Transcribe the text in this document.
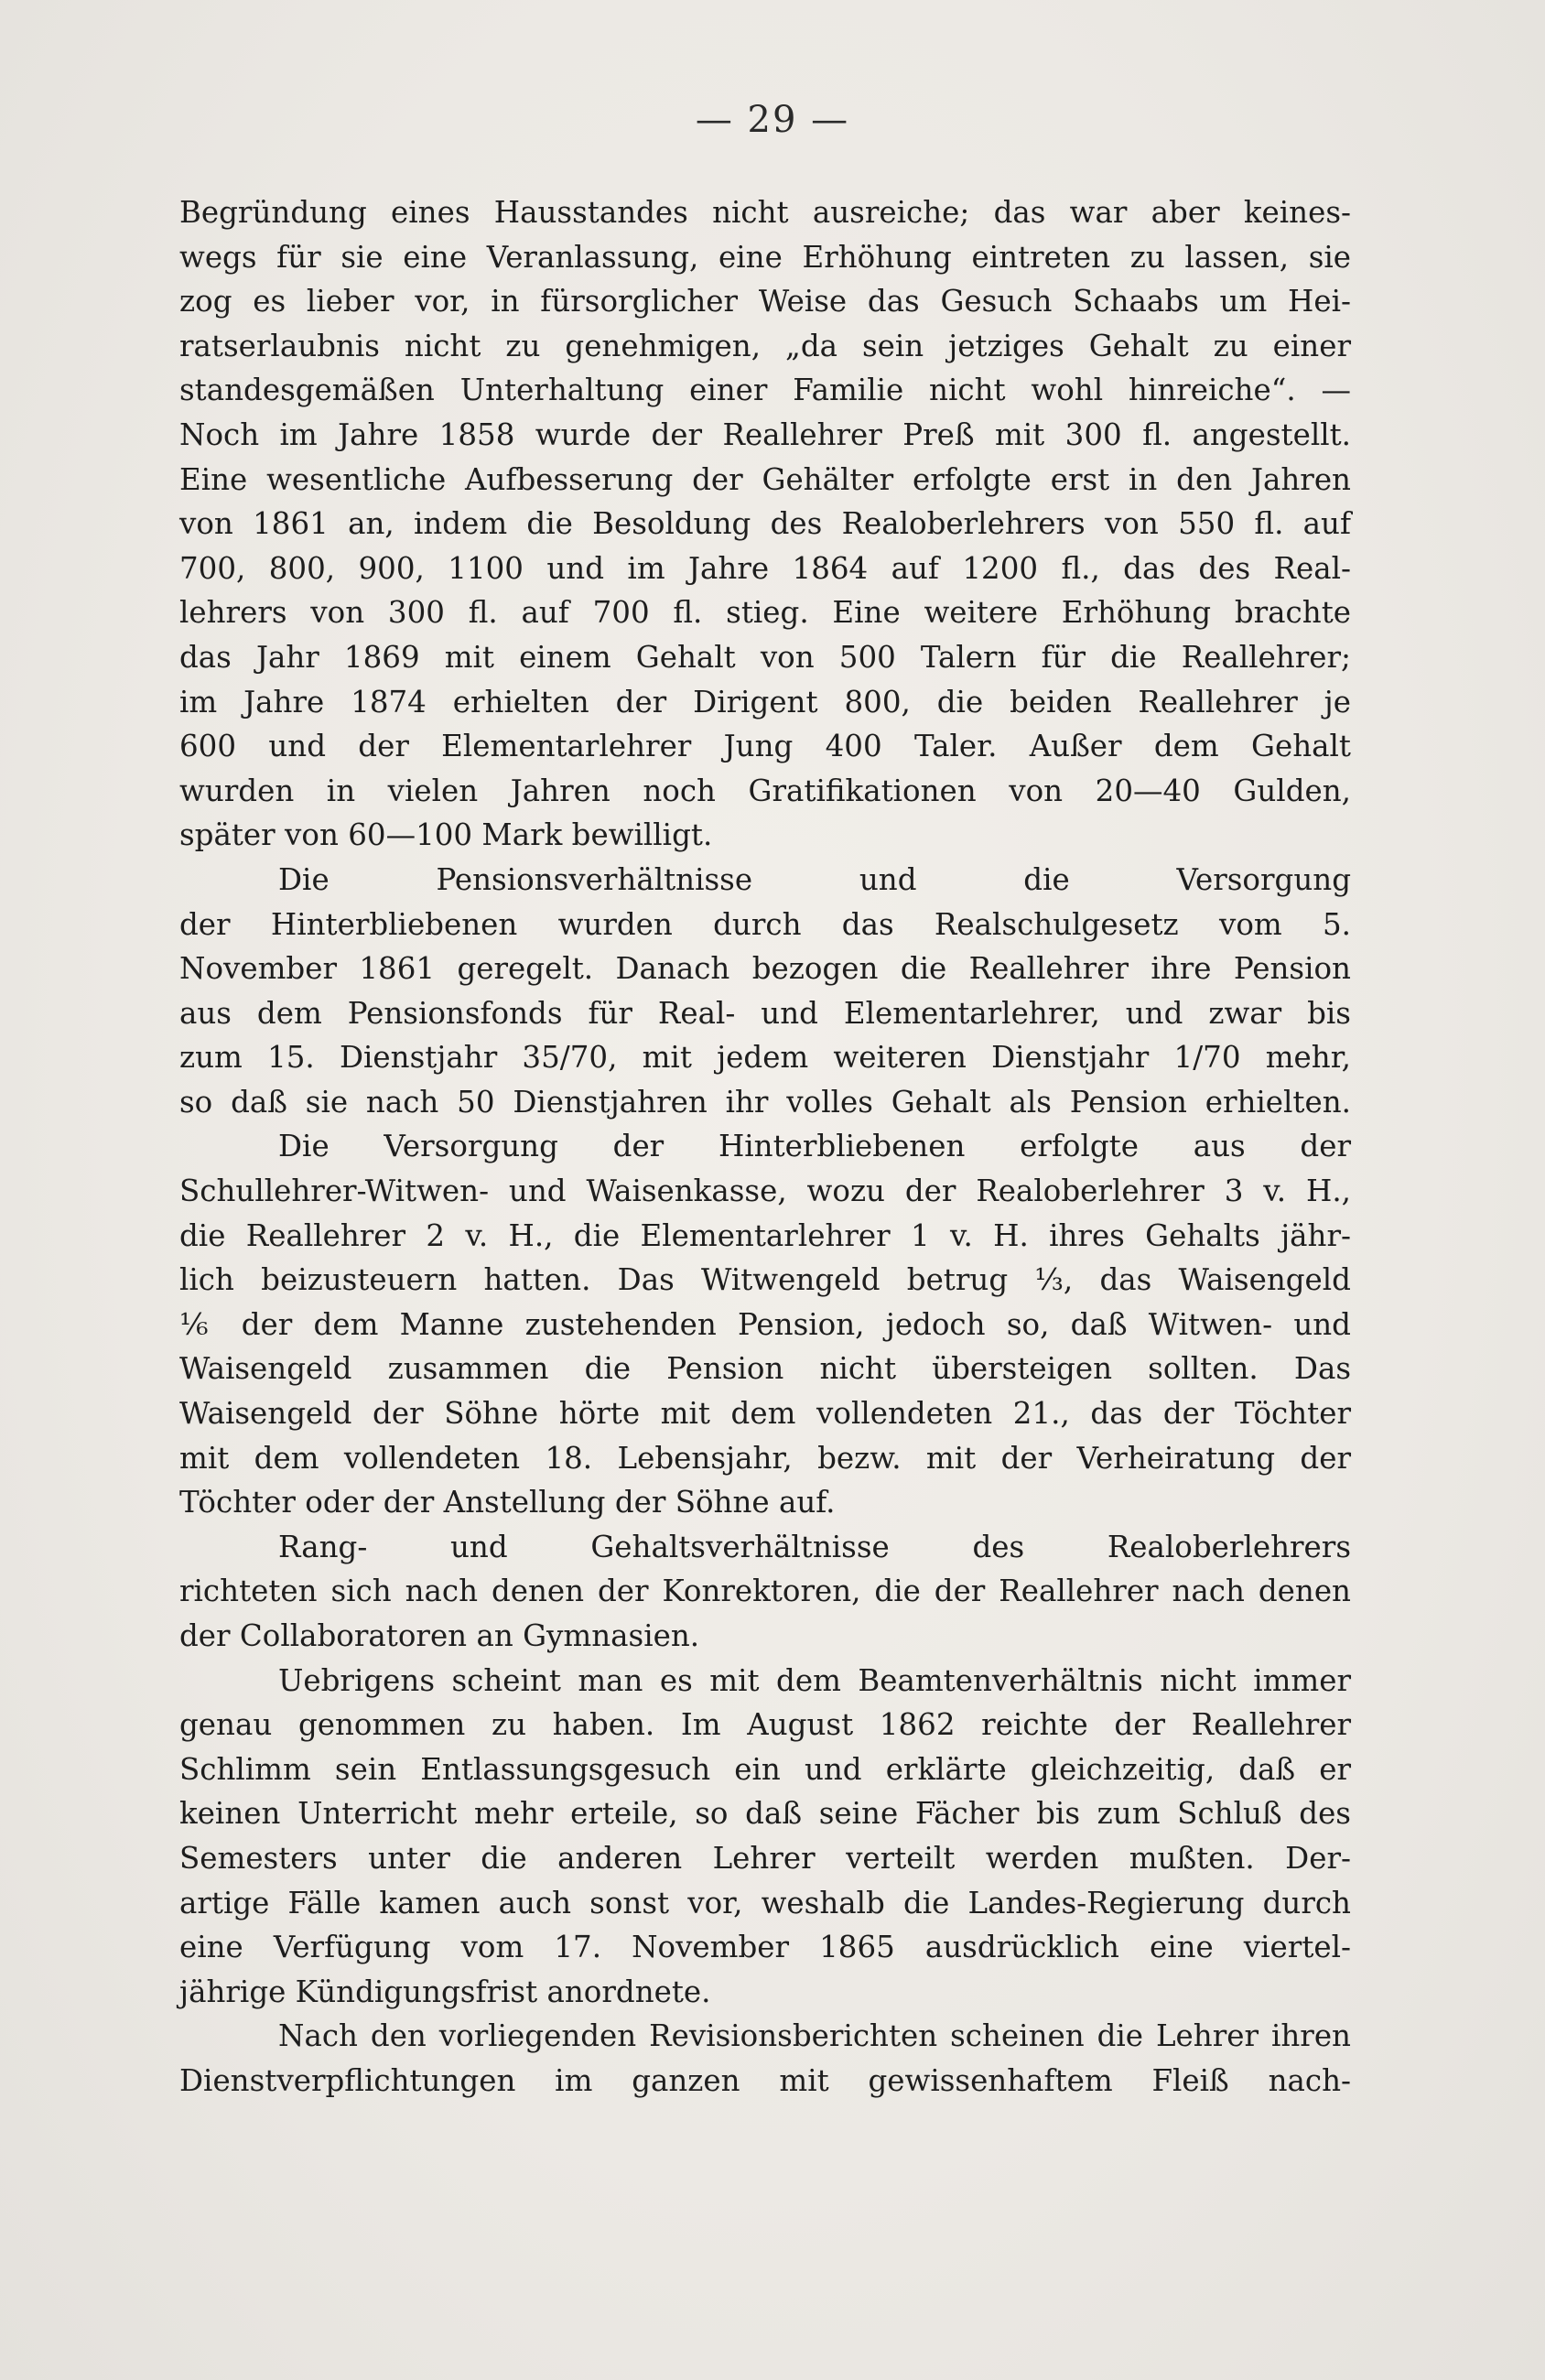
— 29 —

Begründung eines Hausstandes nicht ausreiche; das war aber keines-
wegs für sie eine Veranlassung, eine Erhöhung eintreten zu lassen, sie
zog es lieber vor, in fürsorglicher Weise das Gesuch Schaabs um Hei-
ratserlaubnis nicht zu genehmigen, „da sein jetziges Gehalt zu einer
standesgemäßen Unterhaltung einer Familie nicht wohl hinreiche“. —
Noch im Jahre 1858 wurde der Reallehrer Preß mit 300 fl. angestellt.
Eine wesentliche Aufbesserung der Gehälter erfolgte erst in den Jahren
von 1861 an, indem die Besoldung des Realoberlehrers von 550 fl. auf
700, 800, 900, 1100 und im Jahre 1864 auf 1200 fl., das des Real-
lehrers von 300 fl. auf 700 fl. stieg. Eine weitere Erhöhung brachte
das Jahr 1869 mit einem Gehalt von 500 Talern für die Reallehrer;
im Jahre 1874 erhielten der Dirigent 800, die beiden Reallehrer je
600 und der Elementarlehrer Jung 400 Taler. Außer dem Gehalt
wurden in vielen Jahren noch Gratifikationen von 20—40 Gulden,
später von 60—100 Mark bewilligt.

Die Pensionsverhältnisse und die Versorgung
der Hinterbliebenen wurden durch das Realschulgesetz vom 5.
November 1861 geregelt. Danach bezogen die Reallehrer ihre Pension
aus dem Pensionsfonds für Real- und Elementarlehrer, und zwar bis
zum 15. Dienstjahr 35/70, mit jedem weiteren Dienstjahr 1/70 mehr,
so daß sie nach 50 Dienstjahren ihr volles Gehalt als Pension erhielten.

Die Versorgung der Hinterbliebenen erfolgte aus der
Schullehrer-Witwen- und Waisenkasse, wozu der Realoberlehrer 3 v. H.,
die Reallehrer 2 v. H., die Elementarlehrer 1 v. H. ihres Gehalts jähr-
lich beizusteuern hatten. Das Witwengeld betrug ⅓, das Waisengeld
⅙ der dem Manne zustehenden Pension, jedoch so, daß Witwen- und
Waisengeld zusammen die Pension nicht übersteigen sollten. Das
Waisengeld der Söhne hörte mit dem vollendeten 21., das der Töchter
mit dem vollendeten 18. Lebensjahr, bezw. mit der Verheiratung der
Töchter oder der Anstellung der Söhne auf.

Rang- und Gehaltsverhältnisse des Realoberlehrers
richteten sich nach denen der Konrektoren, die der Reallehrer nach denen
der Collaboratoren an Gymnasien.

Uebrigens scheint man es mit dem Beamtenverhältnis nicht immer
genau genommen zu haben. Im August 1862 reichte der Reallehrer
Schlimm sein Entlassungsgesuch ein und erklärte gleichzeitig, daß er
keinen Unterricht mehr erteile, so daß seine Fächer bis zum Schluß des
Semesters unter die anderen Lehrer verteilt werden mußten. Der-
artige Fälle kamen auch sonst vor, weshalb die Landes-Regierung durch
eine Verfügung vom 17. November 1865 ausdrücklich eine viertel-
jährige Kündigungsfrist anordnete.

Nach den vorliegenden Revisionsberichten scheinen die Lehrer ihren
Dienstverpflichtungen im ganzen mit gewissenhaftem Fleiß nach-
